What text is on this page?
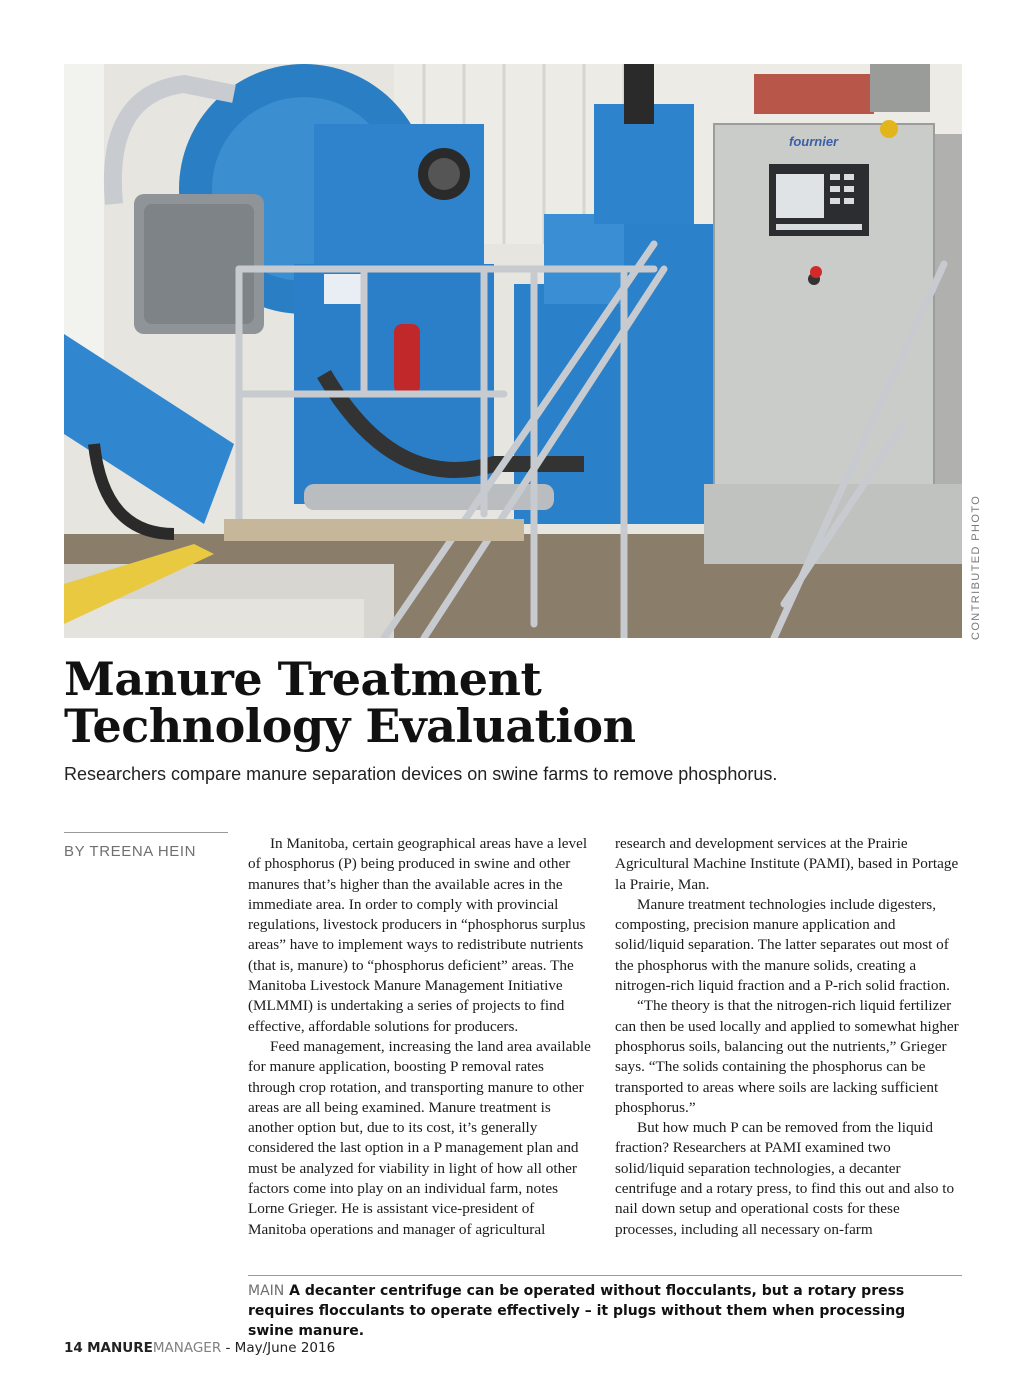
fournier
CONTRIBUTED PHOTO
Manure Treatment
Technology Evaluation

Researchers compare manure separation devices on swine farms to remove phosphorus.

BY TREENA HEIN	In Manitoba, certain geographical areas have a level of phosphorus (P) being produced in swine and other manures that’s higher than the available acres in the immediate area. In order to comply with provincial regulations, livestock producers in “phosphorus surplus areas” have to implement ways to redistribute nutrients (that is, manure) to “phosphorus deficient” areas. The Manitoba Livestock Manure Management Initiative (MLMMI) is undertaking a series of projects to find effective, affordable solutions for producers.

Feed management, increasing the land area available for manure application, boosting P removal rates through crop rotation, and transporting manure to other areas are all being examined. Manure treatment is another option but, due to its cost, it’s generally considered the last option in a P management plan and must be analyzed for viability in light of how all other factors come into play on an individual farm, notes Lorne Grieger. He is assistant vice-president of Manitoba operations and manager of agricultural

research and development services at the Prairie Agricultural Machine Institute (PAMI), based in Portage la Prairie, Man.

Manure treatment technologies include digesters, composting, precision manure application and solid/liquid separation. The latter separates out most of the phosphorus with the manure solids, creating a nitrogen-rich liquid fraction and a P-rich solid fraction.

“The theory is that the nitrogen-rich liquid fertilizer can then be used locally and applied to somewhat higher phosphorus soils, balancing out the nutrients,” Grieger says. “The solids containing the phosphorus can be transported to areas where soils are lacking sufficient phosphorus.”

But how much P can be removed from the liquid fraction? Researchers at PAMI examined two solid/liquid separation technologies, a decanter centrifuge and a rotary press, to find this out and also to nail down setup and operational costs for these processes, including all necessary on-farm

MAIN A decanter centrifuge can be operated without flocculants, but a rotary press requires flocculants to operate effectively – it plugs without them when processing swine manure.
14 MANUREMANAGER - May/June 2016
